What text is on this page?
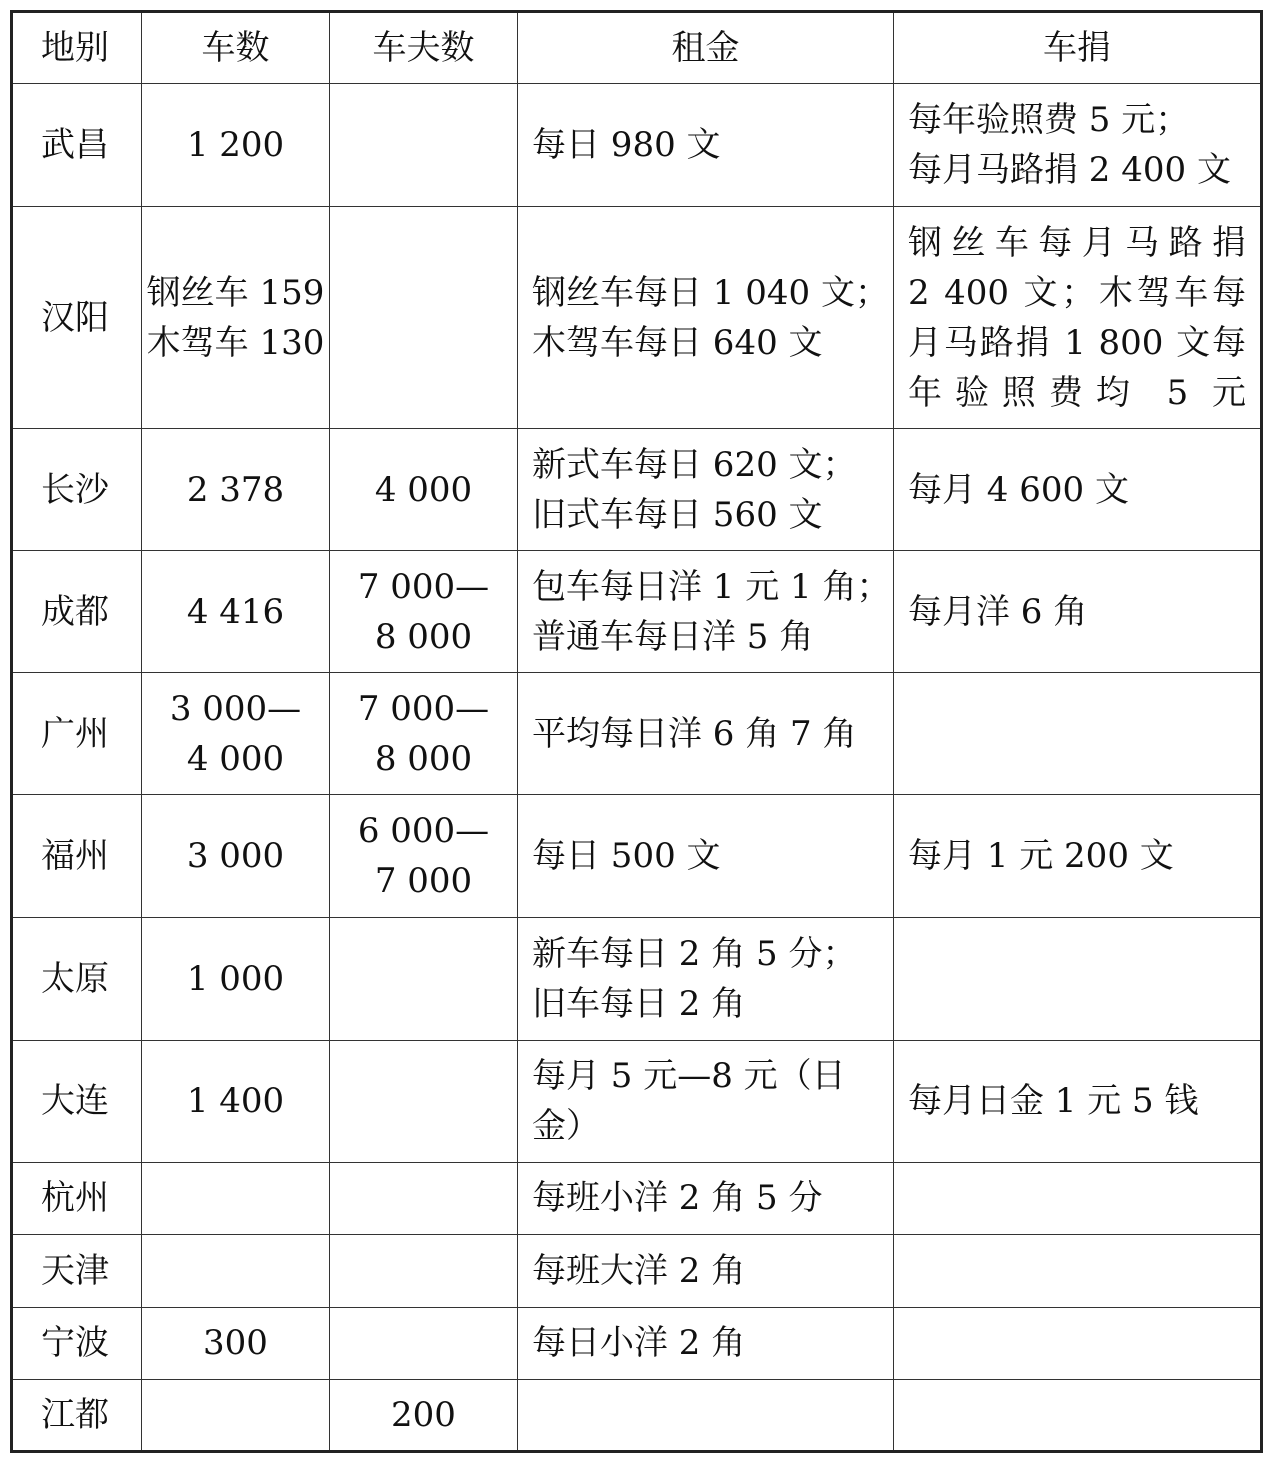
地别	车数	车夫数	租金	车捐
武昌	1 200		每日 980 文	每年验照费 5 元；
每月马路捐 2 400 文

汉阳	钢丝车 159
木驾车 130		钢丝车每日 1 040 文；
木驾车每日 640 文	钢丝车每月马路捐
2 400 文；木驾车每
月马路捐 1 800 文每
年验照费均 5 元

长沙	2 378	4 000	新式车每日 620 文；
旧式车每日 560 文	每月 4 600 文

成都	4 416	7 000—
8 000	包车每日洋 1 元 1 角；
普通车每日洋 5 角	每月洋 6 角

广州	3 000—
4 000	7 000—
8 000	平均每日洋 6 角 7 角	

福州	3 000	6 000—
7 000	每日 500 文	每月 1 元 200 文

太原	1 000		新车每日 2 角 5 分；
旧车每日 2 角	

大连	1 400		每月 5 元—8 元（日
金）	每月日金 1 元 5 钱

杭州			每班小洋 2 角 5 分	

天津			每班大洋 2 角	

宁波	300		每日小洋 2 角	

江都		200		
